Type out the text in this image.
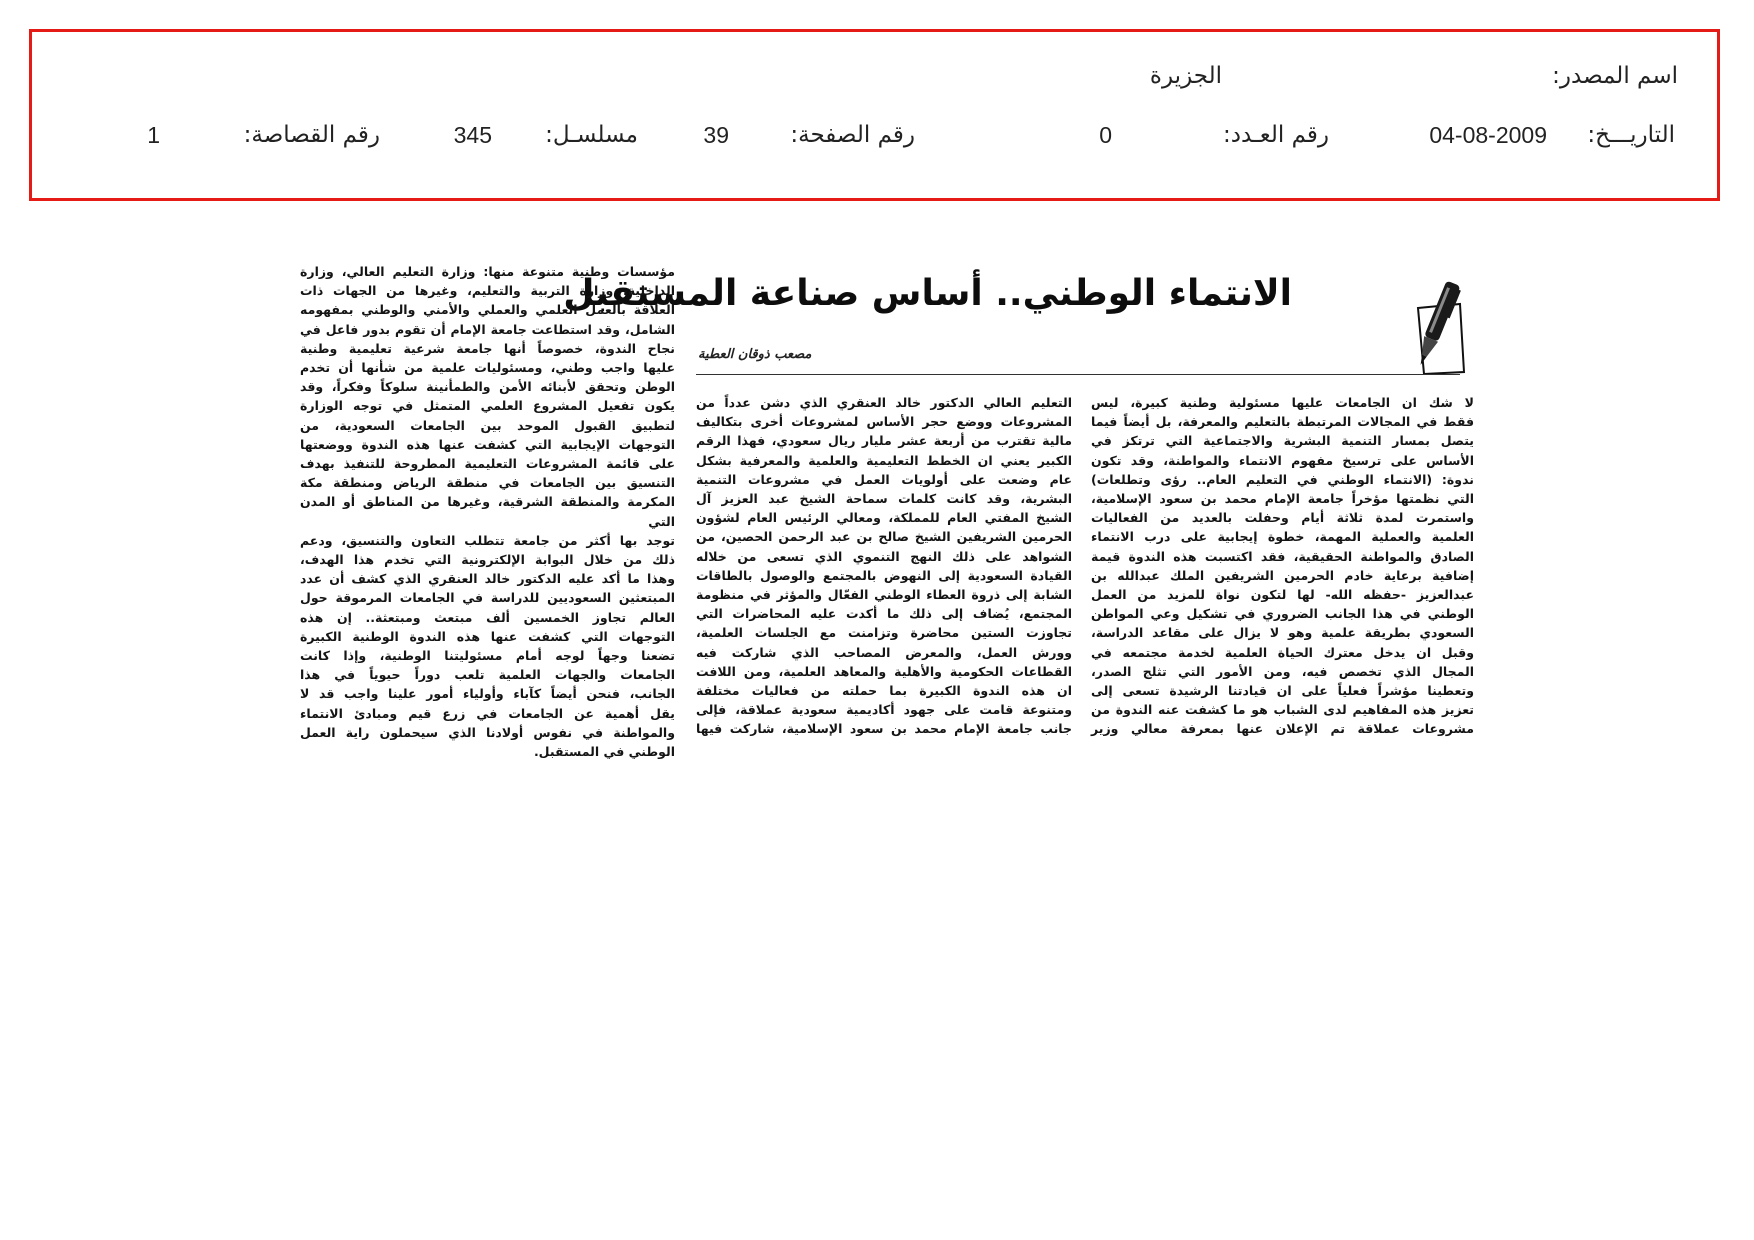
اسم المصدر:
الجزيرة
التاريـــخ:
04-08-2009
رقم العـدد:
0
رقم الصفحة:
39
مسلسـل:
345
رقم القصاصة:
1
الانتماء الوطني.. أساس صناعة المستقبل
مصعب ذوقان العطية
لا شك ان الجامعات عليها مسئولية وطنية كبيرة، ليس
فقط في المجالات المرتبطة بالتعليم والمعرفة، بل أيضاً فيما
يتصل بمسار التنمية البشرية والاجتماعية التي ترتكز في
الأساس على ترسيخ مفهوم الانتماء والمواطنة، وقد تكون
ندوة: (الانتماء الوطني في التعليم العام.. رؤى وتطلعات)
التي نظمتها مؤخراً جامعة الإمام محمد بن سعود الإسلامية،
واستمرت لمدة ثلاثة أيام وحفلت بالعديد من الفعاليات
العلمية والعملية المهمة، خطوة إيجابية على درب الانتماء
الصادق والمواطنة الحقيقية، فقد اكتسبت هذه الندوة قيمة
إضافية برعاية خادم الحرمين الشريفين الملك عبدالله بن
عبدالعزيز -حفظه الله- لها لتكون نواة للمزيد من العمل
الوطني في هذا الجانب الضروري في تشكيل وعي المواطن
السعودي بطريقة علمية وهو لا يزال على مقاعد الدراسة،
وقبل ان يدخل معترك الحياة العلمية لخدمة مجتمعه في
المجال الذي تخصص فيه، ومن الأمور التي تثلج الصدر،
وتعطينا مؤشراً فعلياً على ان قيادتنا الرشيدة تسعى إلى
تعزيز هذه المفاهيم لدى الشباب هو ما كشفت عنه الندوة من
مشروعات عملاقة تم الإعلان عنها بمعرفة معالي وزير
التعليم العالي الدكتور خالد العنقري الذي دشن عدداً من
المشروعات ووضع حجر الأساس لمشروعات أخرى بتكاليف
مالية تقترب من أربعة عشر مليار ريال سعودي، فهذا الرقم
الكبير يعني ان الخطط التعليمية والعلمية والمعرفية بشكل
عام وضعت على أولويات العمل في مشروعات التنمية
البشرية، وقد كانت كلمات سماحة الشيخ عبد العزيز آل
الشيخ المفتي العام للمملكة، ومعالي الرئيس العام لشؤون
الحرمين الشريفين الشيخ صالح بن عبد الرحمن الحصين، من
الشواهد على ذلك النهج التنموي الذي تسعى من خلاله
القيادة السعودية إلى النهوض بالمجتمع والوصول بالطاقات
الشابة إلى ذروة العطاء الوطني الفعّال والمؤثر في منظومة
المجتمع، يُضاف إلى ذلك ما أكدت عليه المحاضرات التي
تجاوزت الستين محاضرة وتزامنت مع الجلسات العلمية،
وورش العمل، والمعرض المصاحب الذي شاركت فيه
القطاعات الحكومية والأهلية والمعاهد العلمية، ومن اللافت
ان هذه الندوة الكبيرة بما حملته من فعاليات مختلفة
ومتنوعة قامت على جهود أكاديمية سعودية عملاقة، فإلى
جانب جامعة الإمام محمد بن سعود الإسلامية، شاركت فيها
مؤسسات وطنية متنوعة منها: وزارة التعليم العالي، وزارة
الداخلية، وزارة التربية والتعليم، وغيرها من الجهات ذات
العلاقة بالعمل العلمي والعملي والأمني والوطني بمفهومه
الشامل، وقد استطاعت جامعة الإمام أن تقوم بدور فاعل في
نجاح الندوة، خصوصاً أنها جامعة شرعية تعليمية وطنية
عليها واجب وطني، ومسئوليات علمية من شأنها أن تخدم
الوطن وتحقق لأبنائه الأمن والطمأنينة سلوكاً وفكراً، وقد
يكون تفعيل المشروع العلمي المتمثل في توجه الوزارة
لتطبيق القبول الموحد بين الجامعات السعودية، من
التوجهات الإيجابية التي كشفت عنها هذه الندوة ووضعتها
على قائمة المشروعات التعليمية المطروحة للتنفيذ بهدف
التنسيق بين الجامعات في منطقة الرياض ومنطقة مكة
المكرمة والمنطقة الشرقية، وغيرها من المناطق أو المدن التي
توجد بها أكثر من جامعة تتطلب التعاون والتنسيق، ودعم
ذلك من خلال البوابة الإلكترونية التي تخدم هذا الهدف،
وهذا ما أكد عليه الدكتور خالد العنقري الذي كشف أن عدد
المبتعثين السعوديين للدراسة في الجامعات المرموقة حول
العالم تجاوز الخمسين ألف مبتعث ومبتعثة.. إن هذه
التوجهات التي كشفت عنها هذه الندوة الوطنية الكبيرة
تضعنا وجهاً لوجه أمام مسئوليتنا الوطنية، وإذا كانت
الجامعات والجهات العلمية تلعب دوراً حيوياً في هذا
الجانب، فنحن أيضاً كآباء وأولياء أمور علينا واجب قد لا
يقل أهمية عن الجامعات في زرع قيم ومبادئ الانتماء
والمواطنة في نفوس أولادنا الذي سيحملون راية العمل
الوطني في المستقبل.
